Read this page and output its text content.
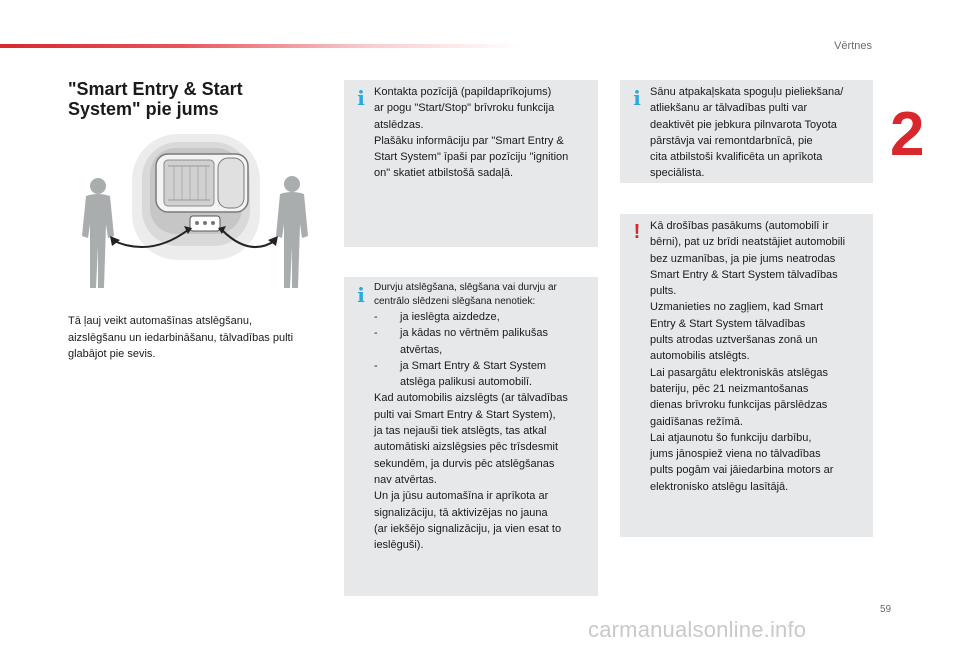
Vērtnes
2
"Smart Entry & Start
System" pie jums
Tā ļauj veikt automašīnas atslēgšanu,
aizslēgšanu un iedarbināšanu, tālvadības pulti
glabājot pie sevis.
i Kontakta pozīcijā (papildaprīkojums)
ar pogu "Start/Stop" brīvroku funkcija
atslēdzas.
Plašāku informāciju par "Smart Entry &
Start System" īpaši par pozīciju "ignition
on" skatiet atbilstošā sadaļā.

i Durvju atslēgšana, slēgšana vai durvju ar
centrālo slēdzeni slēgšana nenotiek:

- ja ieslēgta aizdedze,
- ja kādas no vērtnēm palikušas
atvērtas,
- ja Smart Entry & Start System
atslēga palikusi automobilī.

Kad automobilis aizslēgts (ar tālvadības
pulti vai Smart Entry & Start System),
ja tas nejauši tiek atslēgts, tas atkal
automātiski aizslēgsies pēc trīsdesmit
sekundēm, ja durvis pēc atslēgšanas
nav atvērtas.
Un ja jūsu automašīna ir aprīkota ar
signalizāciju, tā aktivizējas no jauna
(ar iekšējo signalizāciju, ja vien esat to
ieslēguši).

i Sānu atpakaļskata spoguļu pieliekšana/
atliekšanu ar tālvadības pulti var
deaktivēt pie jebkura pilnvarota Toyota
pārstāvja vai remontdarbnīcā, pie
cita atbilstoši kvalificēta un aprīkota
speciālista.

! Kā drošības pasākums (automobilī ir
bērni), pat uz brīdi neatstājiet automobili
bez uzmanības, ja pie jums neatrodas
Smart Entry & Start System tālvadības
pults.
Uzmanieties no zagļiem, kad Smart
Entry & Start System tālvadības
pults atrodas uztveršanas zonā un
automobilis atslēgts.
Lai pasargātu elektroniskās atslēgas
bateriju, pēc 21 neizmantošanas
dienas brīvroku funkcijas pārslēdzas
gaidīšanas režīmā.
Lai atjaunotu šo funkciju darbību,
jums jānospiež viena no tālvadības
pults pogām vai jāiedarbina motors ar
elektronisko atslēgu lasītājā.

59
carmanualsonline.info
